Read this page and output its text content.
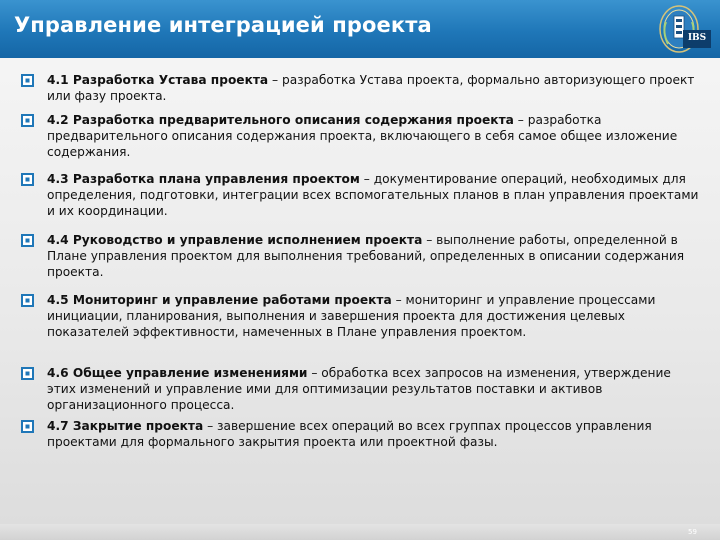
Управление интеграцией проекта
IBS
4.1 Разработка Устава проекта – разработка Устава проекта, формально авторизующего проект или фазу проекта.
4.2 Разработка предварительного описания содержания проекта – разработка предварительного описания содержания проекта, включающего в себя самое общее изложение содержания.
4.3 Разработка плана управления проектом – документирование операций, необходимых для определения, подготовки, интеграции всех вспомогательных планов в план управления проектами и их координации.
4.4 Руководство и управление исполнением проекта – выполнение работы, определенной в Плане управления проектом для выполнения требований, определенных в описании содержания проекта.
4.5 Мониторинг и управление работами проекта – мониторинг и управление процессами инициации, планирования, выполнения и завершения проекта для достижения целевых показателей эффективности, намеченных в Плане управления проектом.
4.6 Общее управление изменениями – обработка всех запросов на изменения, утверждение этих изменений и управление ими для оптимизации результатов поставки и активов организационного процесса.
4.7 Закрытие проекта – завершение всех операций во всех группах процессов управления проектами для формального закрытия проекта или проектной фазы.
59
